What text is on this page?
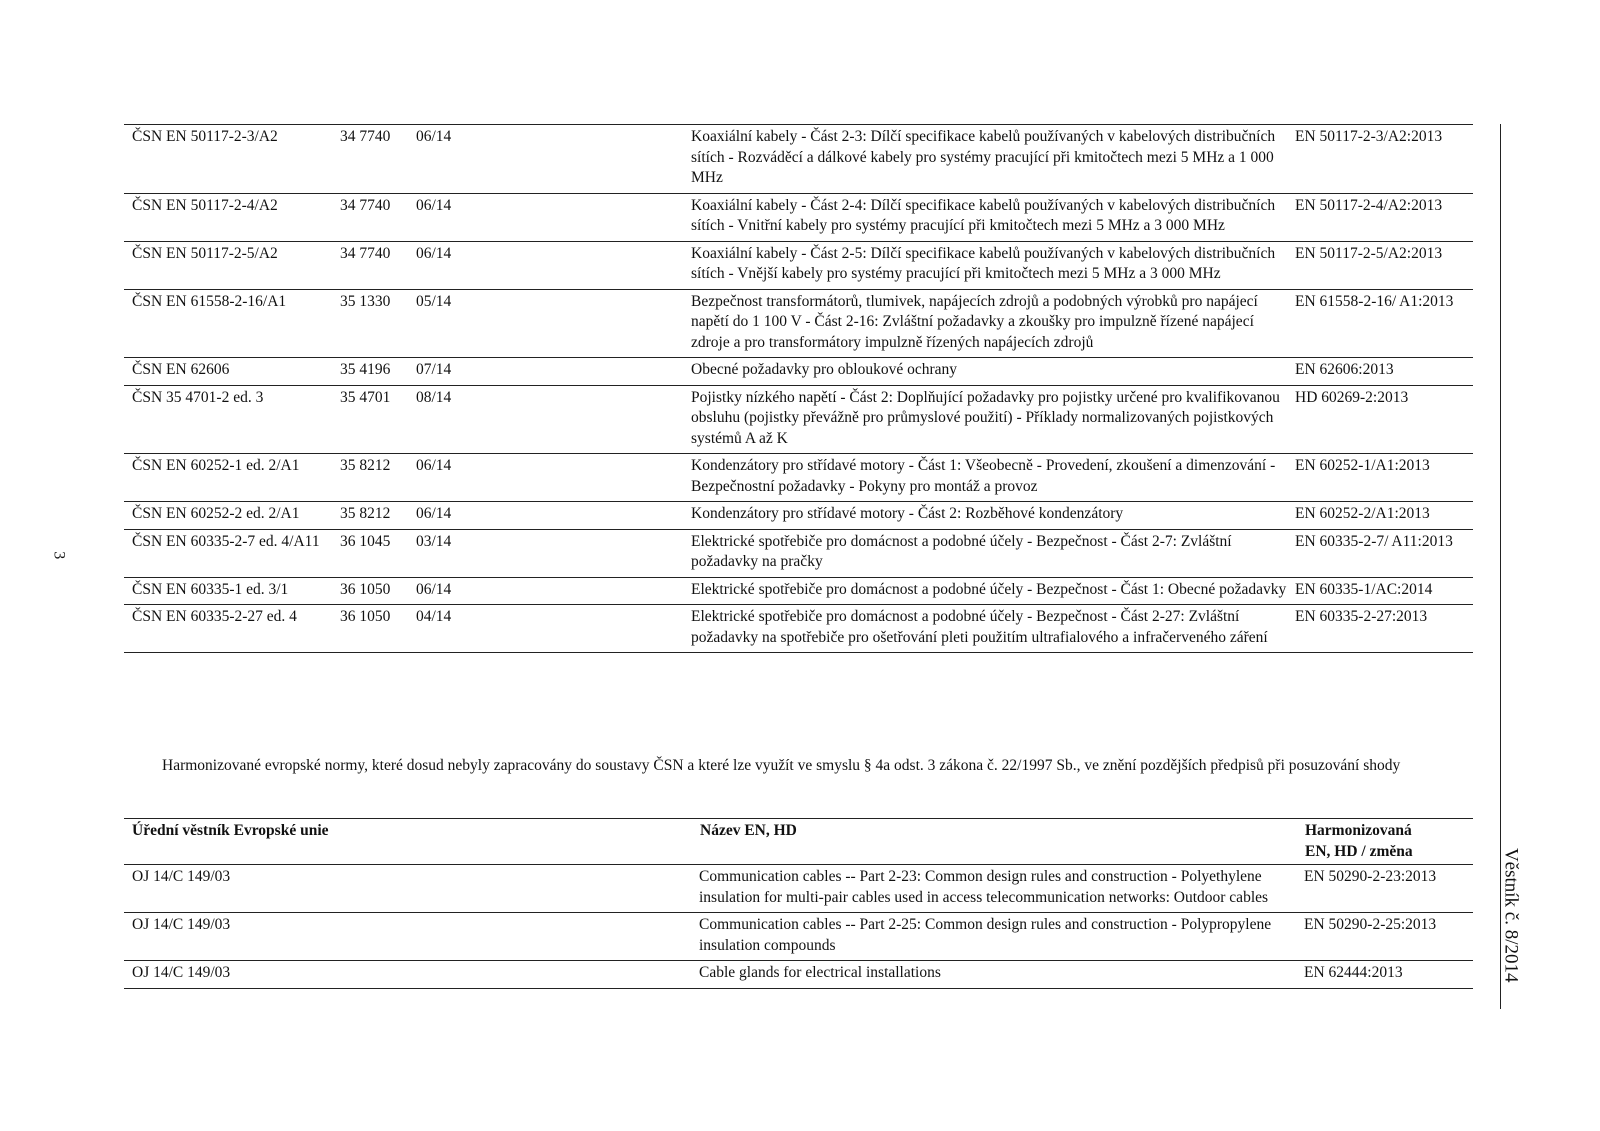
3
Věstník č. 8/2014
ČSN EN 50117-2-3/A2	34 7740	06/14	Koaxiální kabely - Část 2-3: Dílčí specifikace kabelů používaných v kabelových distribučních sítích - Rozváděcí a dálkové kabely pro systémy pracující při kmitočtech mezi 5 MHz a 1 000 MHz	EN 50117-2-3/A2:2013
ČSN EN 50117-2-4/A2	34 7740	06/14	Koaxiální kabely - Část 2-4: Dílčí specifikace kabelů používaných v kabelových distribučních sítích - Vnitřní kabely pro systémy pracující při kmitočtech mezi 5 MHz a 3 000 MHz	EN 50117-2-4/A2:2013
ČSN EN 50117-2-5/A2	34 7740	06/14	Koaxiální kabely - Část 2-5: Dílčí specifikace kabelů používaných v kabelových distribučních sítích - Vnější kabely pro systémy pracující při kmitočtech mezi 5 MHz a 3 000 MHz	EN 50117-2-5/A2:2013
ČSN EN 61558-2-16/A1	35 1330	05/14	Bezpečnost transformátorů, tlumivek, napájecích zdrojů a podobných výrobků pro napájecí napětí do 1 100 V - Část 2-16: Zvláštní požadavky a zkoušky pro impulzně řízené napájecí zdroje a pro transformátory impulzně řízených napájecích zdrojů	EN 61558-2-16/ A1:2013
ČSN EN 62606	35 4196	07/14	Obecné požadavky pro obloukové ochrany	EN 62606:2013
ČSN 35 4701-2 ed. 3	35 4701	08/14	Pojistky nízkého napětí - Část 2: Doplňující požadavky pro pojistky určené pro kvalifikovanou obsluhu (pojistky převážně pro průmyslové použití) - Příklady normalizovaných pojistkových systémů A až K	HD 60269-2:2013
ČSN EN 60252-1 ed. 2/A1	35 8212	06/14	Kondenzátory pro střídavé motory - Část 1: Všeobecně - Provedení, zkoušení a dimenzování - Bezpečnostní požadavky - Pokyny pro montáž a provoz	EN 60252-1/A1:2013
ČSN EN 60252-2 ed. 2/A1	35 8212	06/14	Kondenzátory pro střídavé motory - Část 2: Rozběhové kondenzátory	EN 60252-2/A1:2013
ČSN EN 60335-2-7 ed. 4/A11	36 1045	03/14	Elektrické spotřebiče pro domácnost a podobné účely - Bezpečnost - Část 2-7: Zvláštní požadavky na pračky	EN 60335-2-7/ A11:2013
ČSN EN 60335-1 ed. 3/1	36 1050	06/14	Elektrické spotřebiče pro domácnost a podobné účely - Bezpečnost - Část 1: Obecné požadavky	EN 60335-1/AC:2014
ČSN EN 60335-2-27 ed. 4	36 1050	04/14	Elektrické spotřebiče pro domácnost a podobné účely - Bezpečnost - Část 2-27: Zvláštní požadavky na spotřebiče pro ošetřování pleti použitím ultrafialového a infračerveného záření	EN 60335-2-27:2013
Harmonizované evropské normy, které dosud nebyly zapracovány do soustavy ČSN a které lze využít ve smyslu § 4a odst. 3 zákona č. 22/1997 Sb., ve znění pozdějších předpisů při posuzování shody
Úřední věstník Evropské unie	Název EN, HD	Harmonizovaná
EN, HD / změna
OJ 14/C 149/03	Communication cables -- Part 2-23: Common design rules and construction - Polyethylene insulation for multi-pair cables used in access telecommunication networks: Outdoor cables	EN 50290-2-23:2013
OJ 14/C 149/03	Communication cables -- Part 2-25: Common design rules and construction - Polypropylene insulation compounds	EN 50290-2-25:2013
OJ 14/C 149/03	Cable glands for electrical installations	EN 62444:2013
